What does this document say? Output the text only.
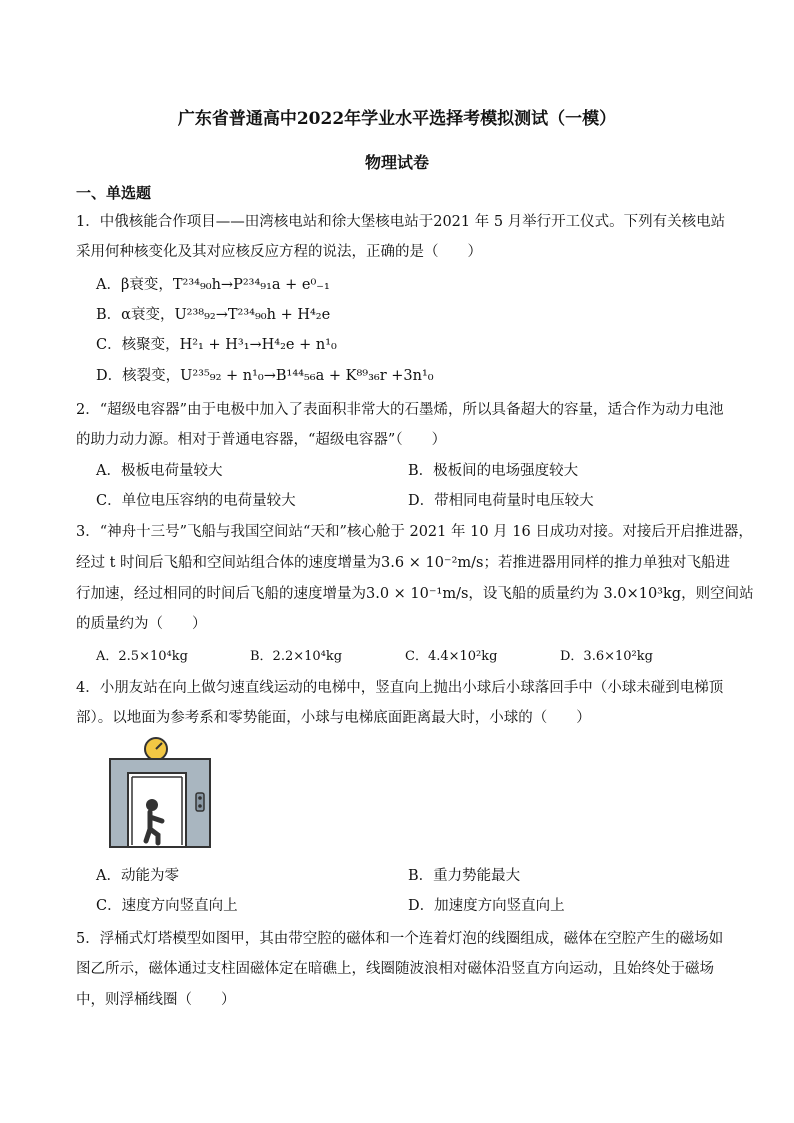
广东省普通高中2022年学业水平选择考模拟测试（一模）
物理试卷
一、单选题
1．中俄核能合作项目——田湾核电站和徐大堡核电站于2021 年 5 月举行开工仪式。下列有关核电站
采用何种核变化及其对应核反应方程的说法，正确的是（　　）
A．β衰变，T²³⁴₉₀h→P²³⁴₉₁a + e⁰₋₁
B．α衰变，U²³⁸₉₂→T²³⁴₉₀h + H⁴₂e
C．核聚变，H²₁ + H³₁→H⁴₂e + n¹₀
D．核裂变，U²³⁵₉₂ + n¹₀→B¹⁴⁴₅₆a + K⁸⁹₃₆r +3n¹₀
2．“超级电容器”由于电极中加入了表面积非常大的石墨烯，所以具备超大的容量，适合作为动力电池
的助力动力源。相对于普通电容器，“超级电容器”（　　）
A．极板电荷量较大	B．极板间的电场强度较大
C．单位电压容纳的电荷量较大	D．带相同电荷量时电压较大
3．“神舟十三号”飞船与我国空间站“天和”核心舱于 2021 年 10 月 16 日成功对接。对接后开启推进器，
经过 t 时间后飞船和空间站组合体的速度增量为3.6 × 10⁻²m/s；若推进器用同样的推力单独对飞船进
行加速，经过相同的时间后飞船的速度增量为3.0 × 10⁻¹m/s，设飞船的质量约为 3.0×10³kg，则空间站
的质量约为（　　）
A．2.5×10⁴kg	B．2.2×10⁴kg	C．4.4×10²kg	D．3.6×10²kg
4．小朋友站在向上做匀速直线运动的电梯中，竖直向上抛出小球后小球落回手中（小球未碰到电梯顶
部）。以地面为参考系和零势能面，小球与电梯底面距离最大时，小球的（　　）
A．动能为零	B．重力势能最大
C．速度方向竖直向上	D．加速度方向竖直向上
5．浮桶式灯塔模型如图甲，其由带空腔的磁体和一个连着灯泡的线圈组成，磁体在空腔产生的磁场如
图乙所示，磁体通过支柱固磁体定在暗礁上，线圈随波浪相对磁体沿竖直方向运动，且始终处于磁场
中，则浮桶线圈（　　）
